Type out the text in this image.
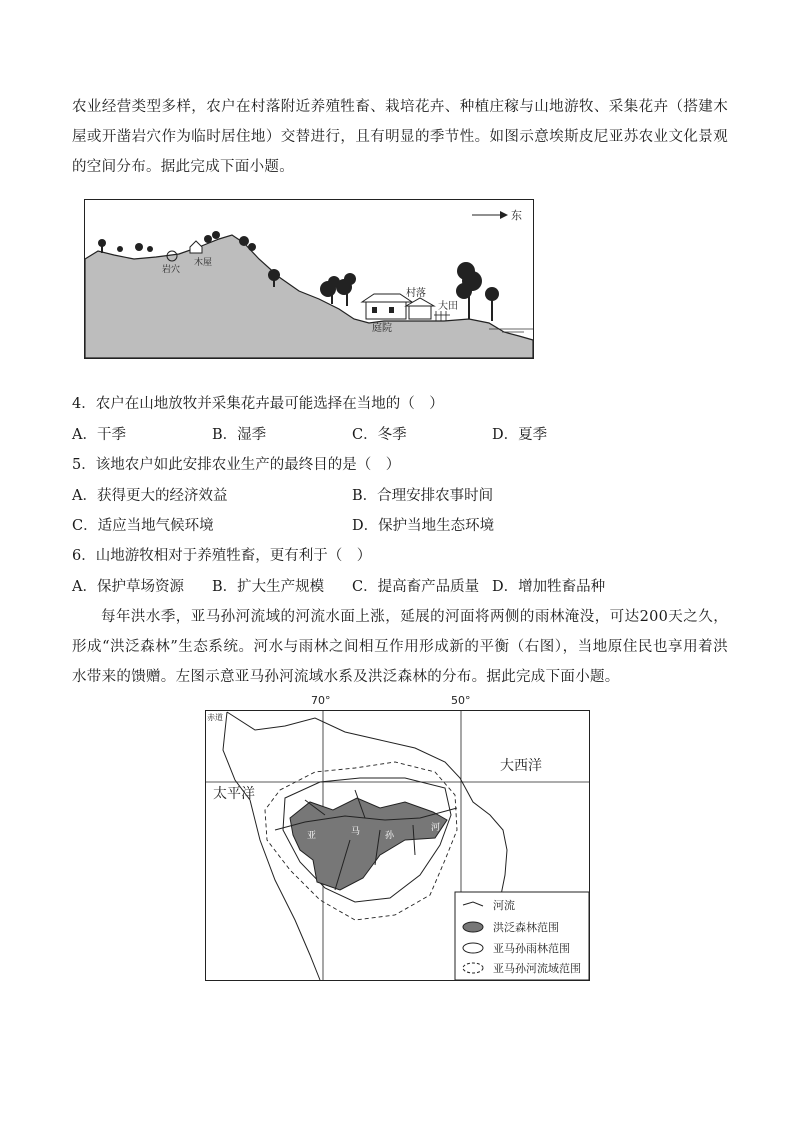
农业经营类型多样，农户在村落附近养殖牲畜、栽培花卉、种植庄稼与山地游牧、采集花卉（搭建木屋或开凿岩穴作为临时居住地）交替进行，且有明显的季节性。如图示意埃斯皮尼亚苏农业文化景观的空间分布。据此完成下面小题。

东
岩穴
木屋
村落
大田
庭院
4．农户在山地放牧并采集花卉最可能选择在当地的（　）
A．干季	B．湿季	C．冬季	D．夏季
5．该地农户如此安排农业生产的最终目的是（　）
A．获得更大的经济效益	B．合理安排农事时间
C．适应当地气候环境	D．保护当地生态环境
6．山地游牧相对于养殖牲畜，更有利于（　）
A．保护草场资源 B．扩大生产规模 C．提高畜产品质量 D．增加牲畜品种

每年洪水季，亚马孙河流域的河流水面上涨，延展的河面将两侧的雨林淹没，可达200天之久，形成“洪泛森林”生态系统。河水与雨林之间相互作用形成新的平衡（右图），当地原住民也享用着洪水带来的馈赠。左图示意亚马孙河流域水系及洪泛森林的分布。据此完成下面小题。

70°	50°
大西洋
太平洋
赤道
亚	马	孙
河
河流
洪泛森林范围
亚马孙雨林范围
亚马孙河流域范围
